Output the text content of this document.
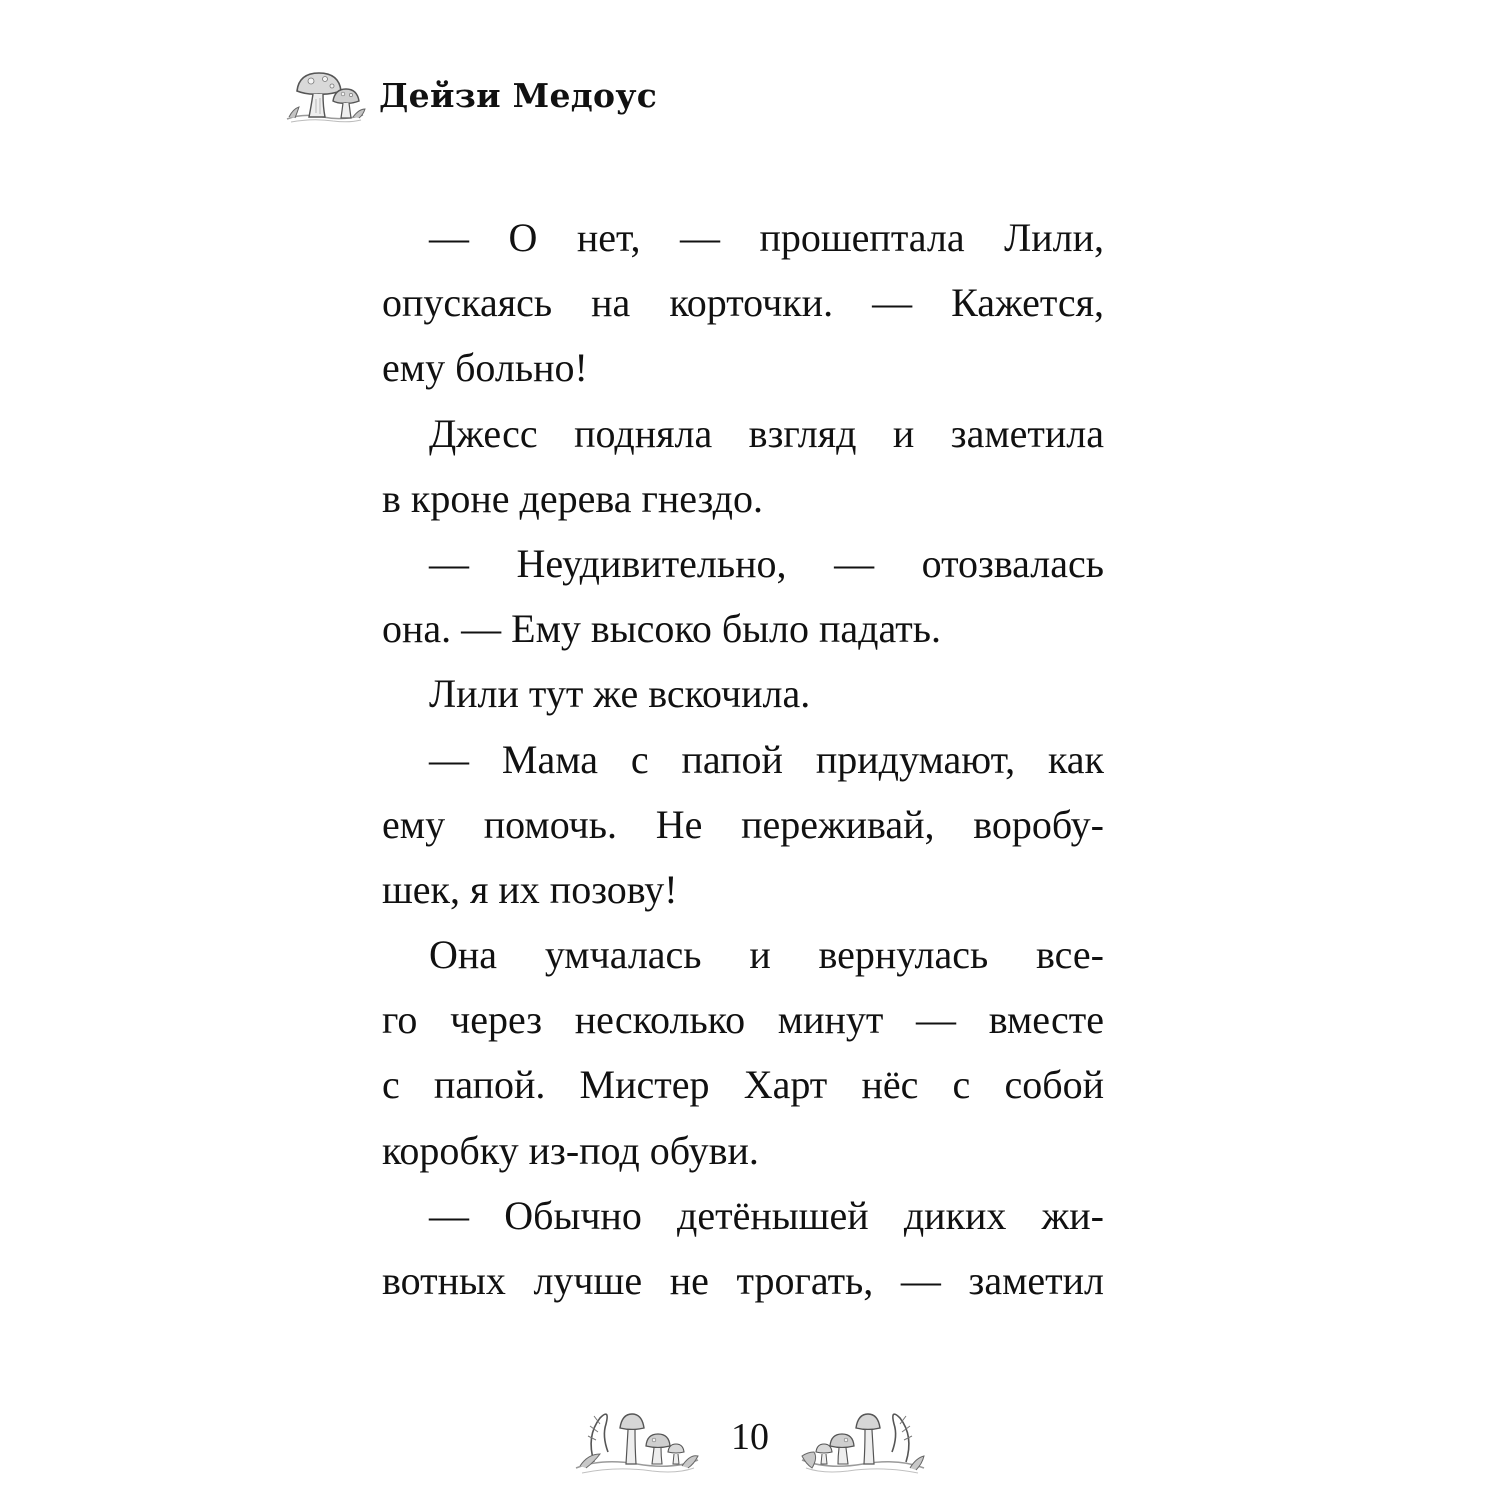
Дейзи Медоус
— О нет, — прошептала Лили,
опускаясь на корточки. — Кажется,
ему больно!
Джесс подняла взгляд и заметила
в кроне дерева гнездо.
— Неудивительно, — отозвалась
она. — Ему высоко было падать.
Лили тут же вскочила.
— Мама с папой придумают, как
ему помочь. Не переживай, воробу-
шек, я их позову!
Она умчалась и вернулась все-
го через несколько минут — вместе
с папой. Мистер Харт нёс с собой
коробку из-под обуви.
— Обычно детёнышей диких жи-
вотных лучше не трогать, — заметил
10
